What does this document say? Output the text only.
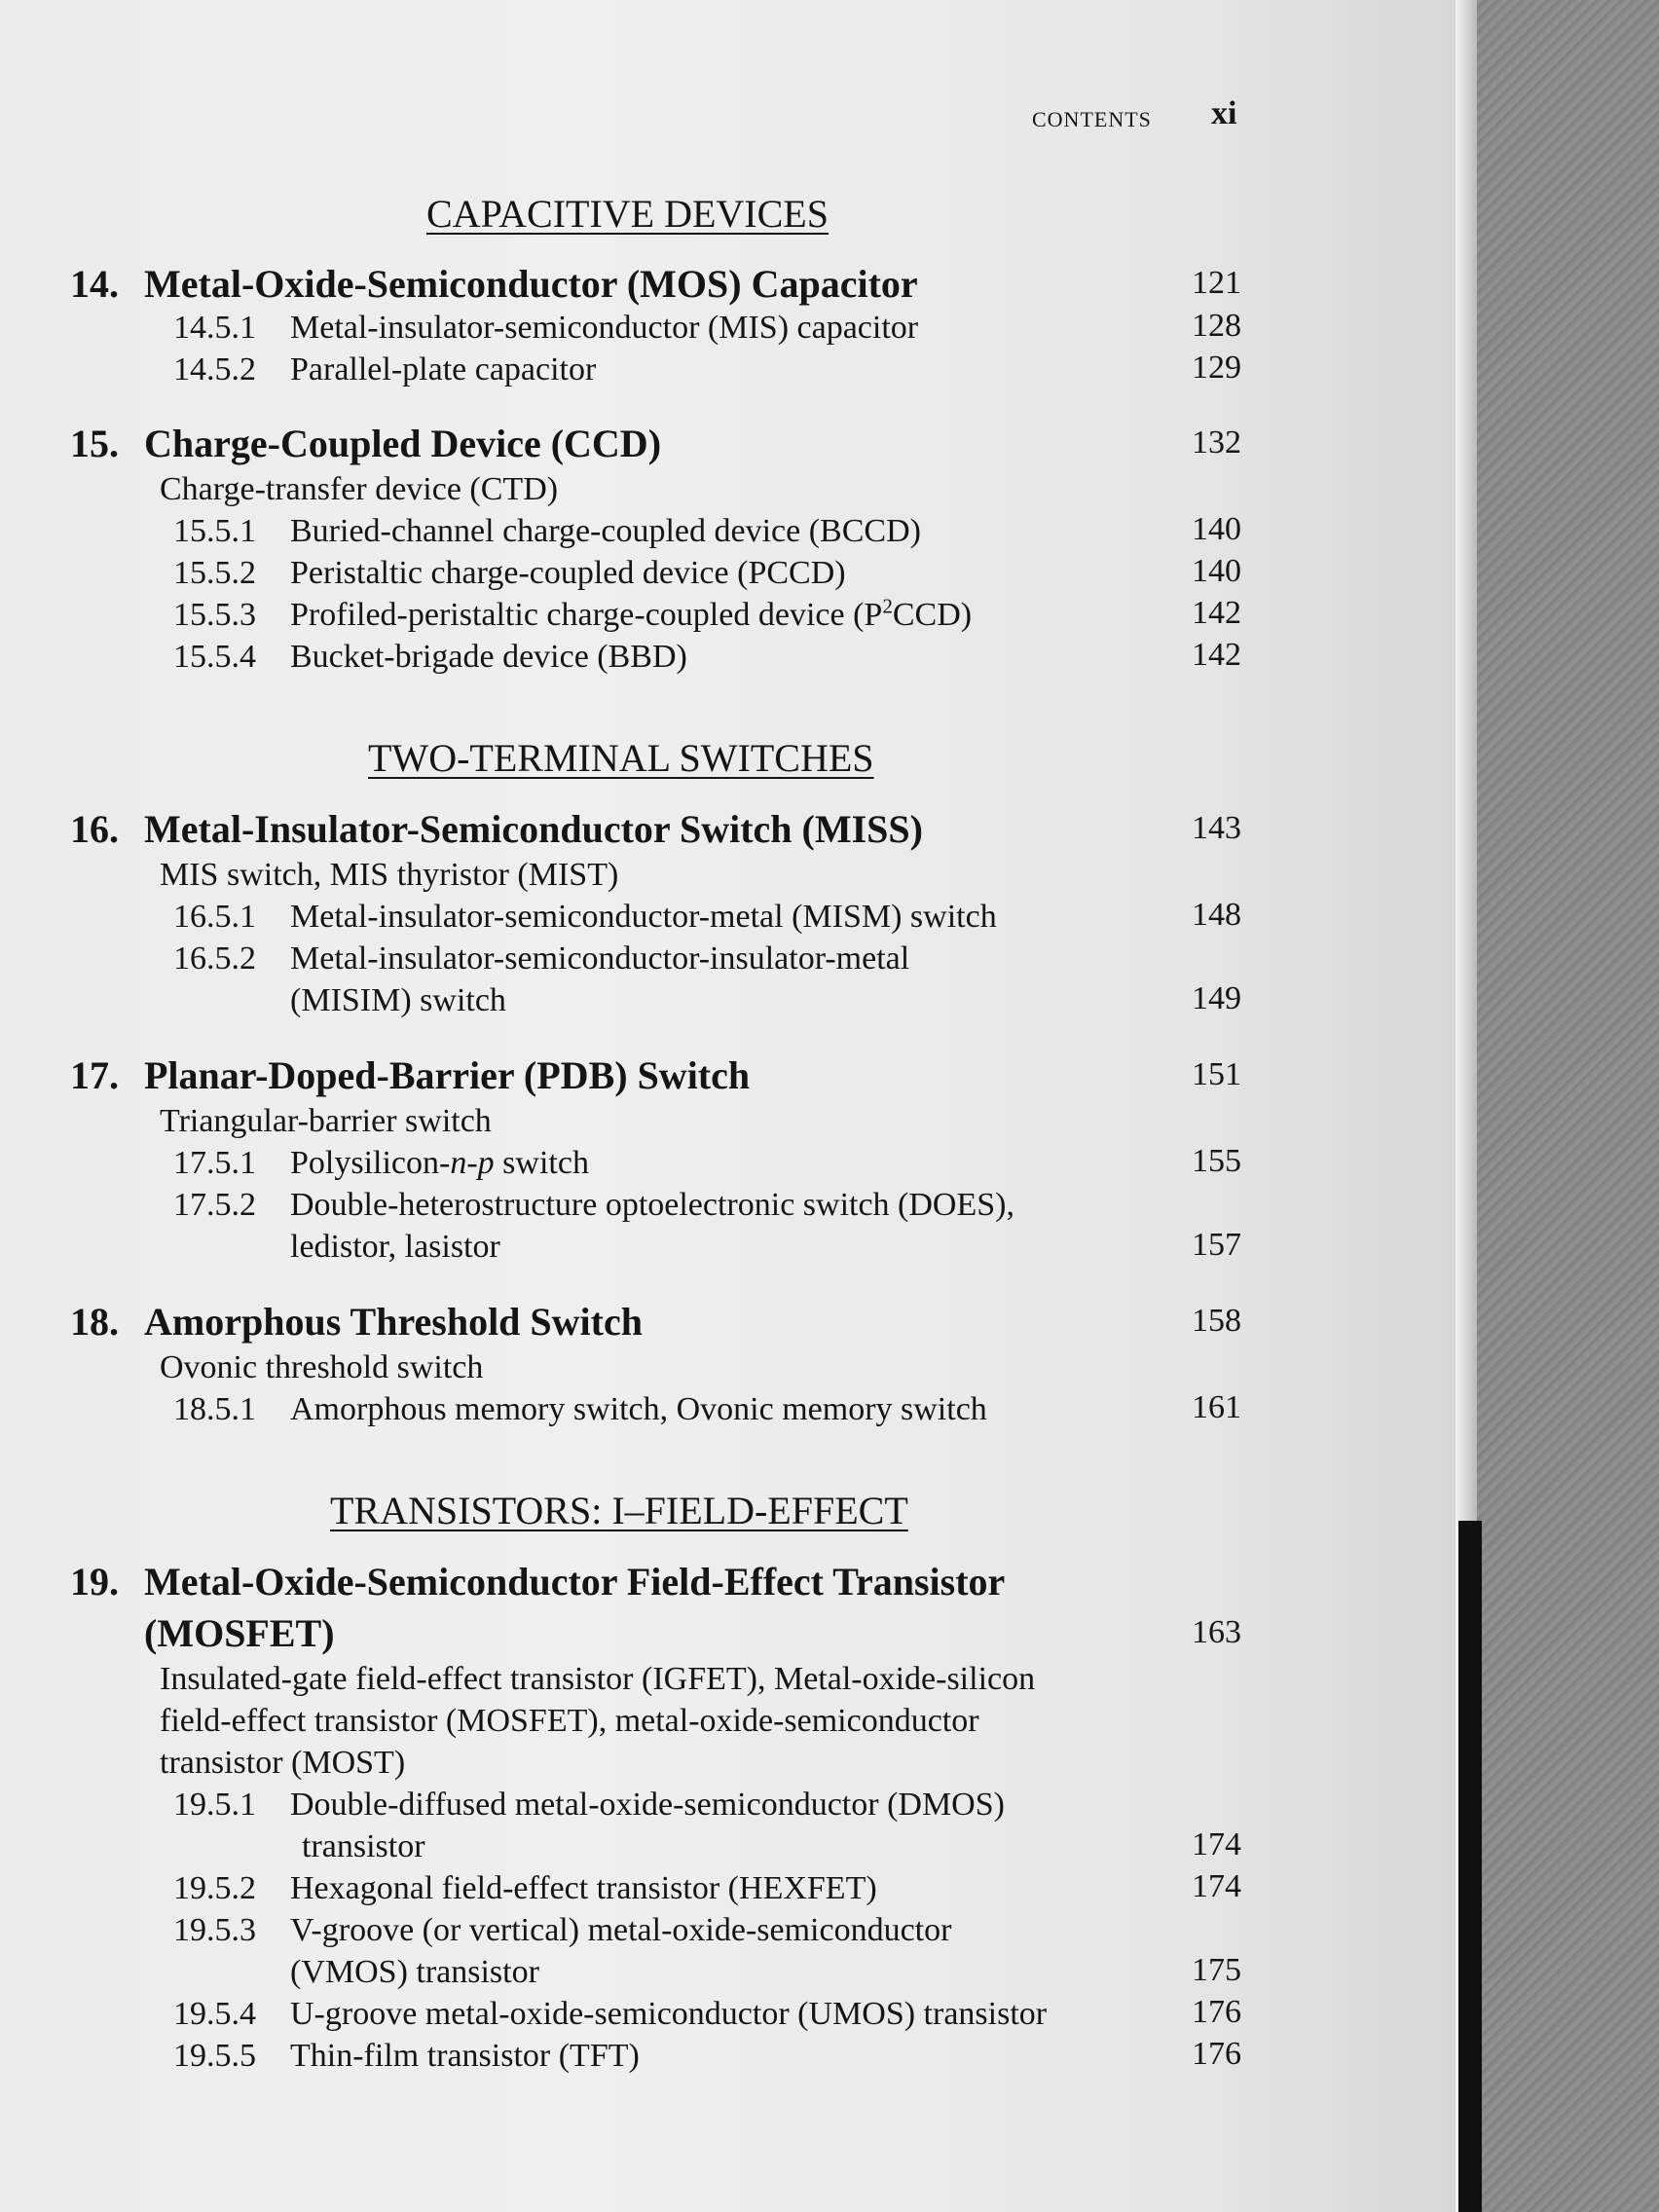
CONTENTS xi
CAPACITIVE DEVICES
14. Metal-Oxide-Semiconductor (MOS) Capacitor	121
14.5.1 Metal-insulator-semiconductor (MIS) capacitor	128
14.5.2 Parallel-plate capacitor	129
15. Charge-Coupled Device (CCD)	132
Charge-transfer device (CTD)
15.5.1 Buried-channel charge-coupled device (BCCD)	140
15.5.2 Peristaltic charge-coupled device (PCCD)	140
15.5.3 Profiled-peristaltic charge-coupled device $(P^2CCD)$	142
15.5.4 Bucket-brigade device (BBD)	142
TWO-TERMINAL SWITCHES
16. Metal-Insulator-Semiconductor Switch (MISS)	143
MIS switch, MIS thyristor (MIST)
16.5.1 Metal-insulator-semiconductor-metal (MISM) switch	148
16.5.2 Metal-insulator-semiconductor-insulator-metal
(MISIM) switch	149
17. Planar-Doped-Barrier (PDB) Switch	151
Triangular-barrier switch
17.5.1 Polysilicon-n-p switch	155
17.5.2 Double-heterostructure optoelectronic switch (DOES),
ledistor, lasistor	157
18. Amorphous Threshold Switch	158
Ovonic threshold switch
18.5.1 Amorphous memory switch, Ovonic memory switch	161
TRANSISTORS: I–FIELD-EFFECT
19. Metal-Oxide-Semiconductor Field-Effect Transistor
(MOSFET)	163
Insulated-gate field-effect transistor (IGFET), Metal-oxide-silicon
field-effect transistor (MOSFET), metal-oxide-semiconductor
transistor (MOST)
19.5.1 Double-diffused metal-oxide-semiconductor (DMOS)
transistor	174
19.5.2 Hexagonal field-effect transistor (HEXFET)	174
19.5.3 V-groove (or vertical) metal-oxide-semiconductor
(VMOS) transistor	175
19.5.4 U-groove metal-oxide-semiconductor (UMOS) transistor	176
19.5.5 Thin-film transistor (TFT)	176
